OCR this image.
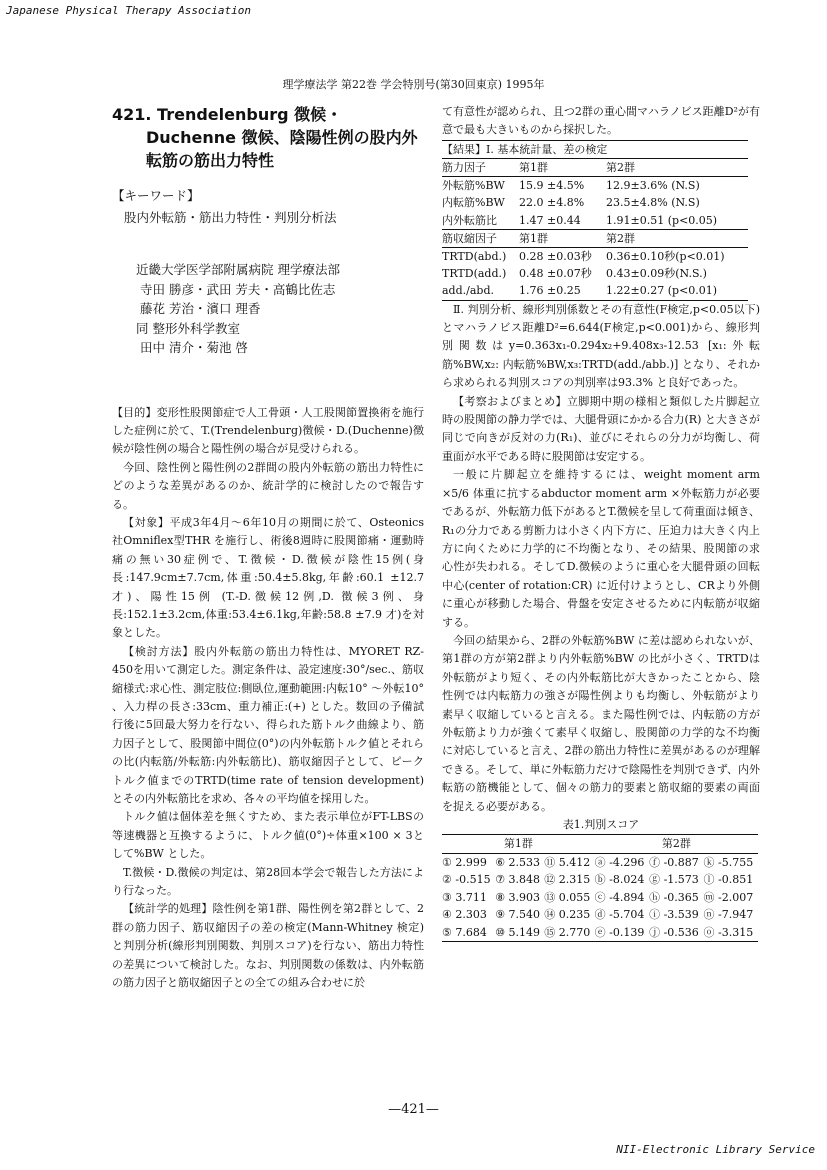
Japanese Physical Therapy Association
理学療法学 第22巻 学会特別号(第30回東京) 1995年
421. Trendelenburg 徴候・Duchenne 徴候、陰陽性例の股内外転筋の筋出力特性
【キーワード】
股内外転筋・筋出力特性・判別分析法
近畿大学医学部附属病院 理学療法部
寺田 勝彦・武田 芳夫・高鶴比佐志
藤花 芳治・濱口 理香
同 整形外科学教室
田中 清介・菊池 啓

【目的】変形性股関節症で人工骨頭・人工股関節置換術を施行した症例に於て、T.(Trendelenburg)徴候・D.(Duchenne)徴候が陰性例の場合と陽性例の場合が見受けられる。

今回、陰性例と陽性例の2群間の股内外転筋の筋出力特性にどのような差異があるのか、統計学的に検討したので報告する。

【対象】平成3年4月～6年10月の期間に於て、Osteonics 社Omniflex型THR を施行し、術後8週時に股関節痛・運動時痛の無い30症例で、T.徴候・D.徴候が陰性15例(身長:147.9cm±7.7cm,体重:50.4±5.8kg,年齢:60.1 ±12.7才)、陽性15例 (T.-D.徴候12例,D. 徴候3例、身長:152.1±3.2cm,体重:53.4±6.1kg,年齢:58.8 ±7.9 才)を対象とした。

【検討方法】股内外転筋の筋出力特性は、MYORET RZ-450を用いて測定した。測定条件は、設定速度:30°/sec.、筋収縮様式:求心性、測定肢位:側臥位,運動範囲:内転10° ～外転10° 、入力桿の長さ:33cm、重力補正:(+) とした。数回の予備試行後に5回最大努力を行ない、得られた筋トルク曲線より、筋力因子として、股関節中間位(0°)の内外転筋トルク値とそれらの比(内転筋/外転筋:内外転筋比)、筋収縮因子として、ピークトルク値までのTRTD(time rate of tension development)とその内外転筋比を求め、各々の平均値を採用した。

トルク値は個体差を無くすため、また表示単位がFT-LBSの等速機器と互換するように、トルク値(0°)÷体重×100 × 3として%BW とした。

T.徴候・D.徴候の判定は、第28回本学会で報告した方法により行なった。

【統計学的処理】陰性例を第1群、陽性例を第2群として、2群の筋力因子、筋収縮因子の差の検定(Mann-Whitney 検定)と判別分析(線形判別関数、判別スコア)を行ない、筋出力特性の差異について検討した。なお、判別関数の係数は、内外転筋の筋力因子と筋収縮因子との全ての組み合わせに於

て有意性が認められ、且つ2群の重心間マハラノビス距離D²が有意で最も大きいものから採択した。

【結果】Ⅰ. 基本統計量、差の検定		
筋力因子	第1群	第2群
外転筋%BW	15.9 ±4.5%	12.9±3.6% (N.S)
内転筋%BW	22.0 ±4.8%	23.5±4.8% (N.S)
内外転筋比	1.47 ±0.44	1.91±0.51 (p<0.05)
筋収縮因子	第1群	第2群
TRTD(abd.)	0.28 ±0.03秒	0.36±0.10秒(p<0.01)
TRTD(add.)	0.48 ±0.07秒	0.43±0.09秒(N.S.)
add./abd.	1.76 ±0.25	1.22±0.27 (p<0.01)

Ⅱ. 判別分析、線形判別係数とその有意性(F検定,p<0.05以下)とマハラノビス距離D²=6.644(F検定,p<0.001)から、線形判別関数はy=0.363x₁-0.294x₂+9.408x₃-12.53 [x₁:外転筋%BW,x₂: 内転筋%BW,x₃:TRTD(add./abb.)] となり、それから求められる判別スコアの判別率は93.3% と良好であった。

【考察およびまとめ】立脚期中期の様相と類似した片脚起立時の股関節の静力学では、大腿骨頭にかかる合力(R) と大きさが同じで向きが反対の力(R₁)、並びにそれらの分力が均衡し、荷重面が水平である時に股関節は安定する。

一般に片脚起立を維持するには、weight moment arm ×5/6 体重に抗するabductor moment arm ×外転筋力が必要であるが、外転筋力低下があるとT.徴候を呈して荷重面は傾き、R₁の分力である剪断力は小さく内下方に、圧迫力は大きく内上方に向くために力学的に不均衡となり、その結果、股関節の求心性が失われる。そしてD.徴候のように重心を大腿骨頭の回転中心(center of rotation:CR) に近付けようとし、CRより外側に重心が移動した場合、骨盤を安定させるために内転筋が収縮する。

今回の結果から、2群の外転筋%BW に差は認められないが、第1群の方が第2群より内外転筋%BW の比が小さく、TRTDは外転筋がより短く、その内外転筋比が大きかったことから、陰性例では内転筋力の強さが陽性例よりも均衡し、外転筋がより素早く収縮していると言える。また陽性例では、内転筋の方が外転筋より力が強くて素早く収縮し、股関節の力学的な不均衡に対応していると言え、2群の筋出力特性に差異があるのが理解できる。そして、単に外転筋力だけで陰陽性を判別できず、内外転筋の筋機能として、個々の筋力的要素と筋収縮的要素の両面を捉える必要がある。

表1.判別スコア
第1群			第2群		
① 2.999	⑥ 2.533	⑪ 5.412	ⓐ -4.296	ⓕ -0.887	ⓚ -5.755
② -0.515	⑦ 3.848	⑫ 2.315	ⓑ -8.024	ⓖ -1.573	ⓛ -0.851
③ 3.711	⑧ 3.903	⑬ 0.055	ⓒ -4.894	ⓗ -0.365	ⓜ -2.007
④ 2.303	⑨ 7.540	⑭ 0.235	ⓓ -5.704	ⓘ -3.539	ⓝ -7.947
⑤ 7.684	⑩ 5.149	⑮ 2.770	ⓔ -0.139	ⓙ -0.536	ⓞ -3.315
—421—
NII-Electronic Library Service
